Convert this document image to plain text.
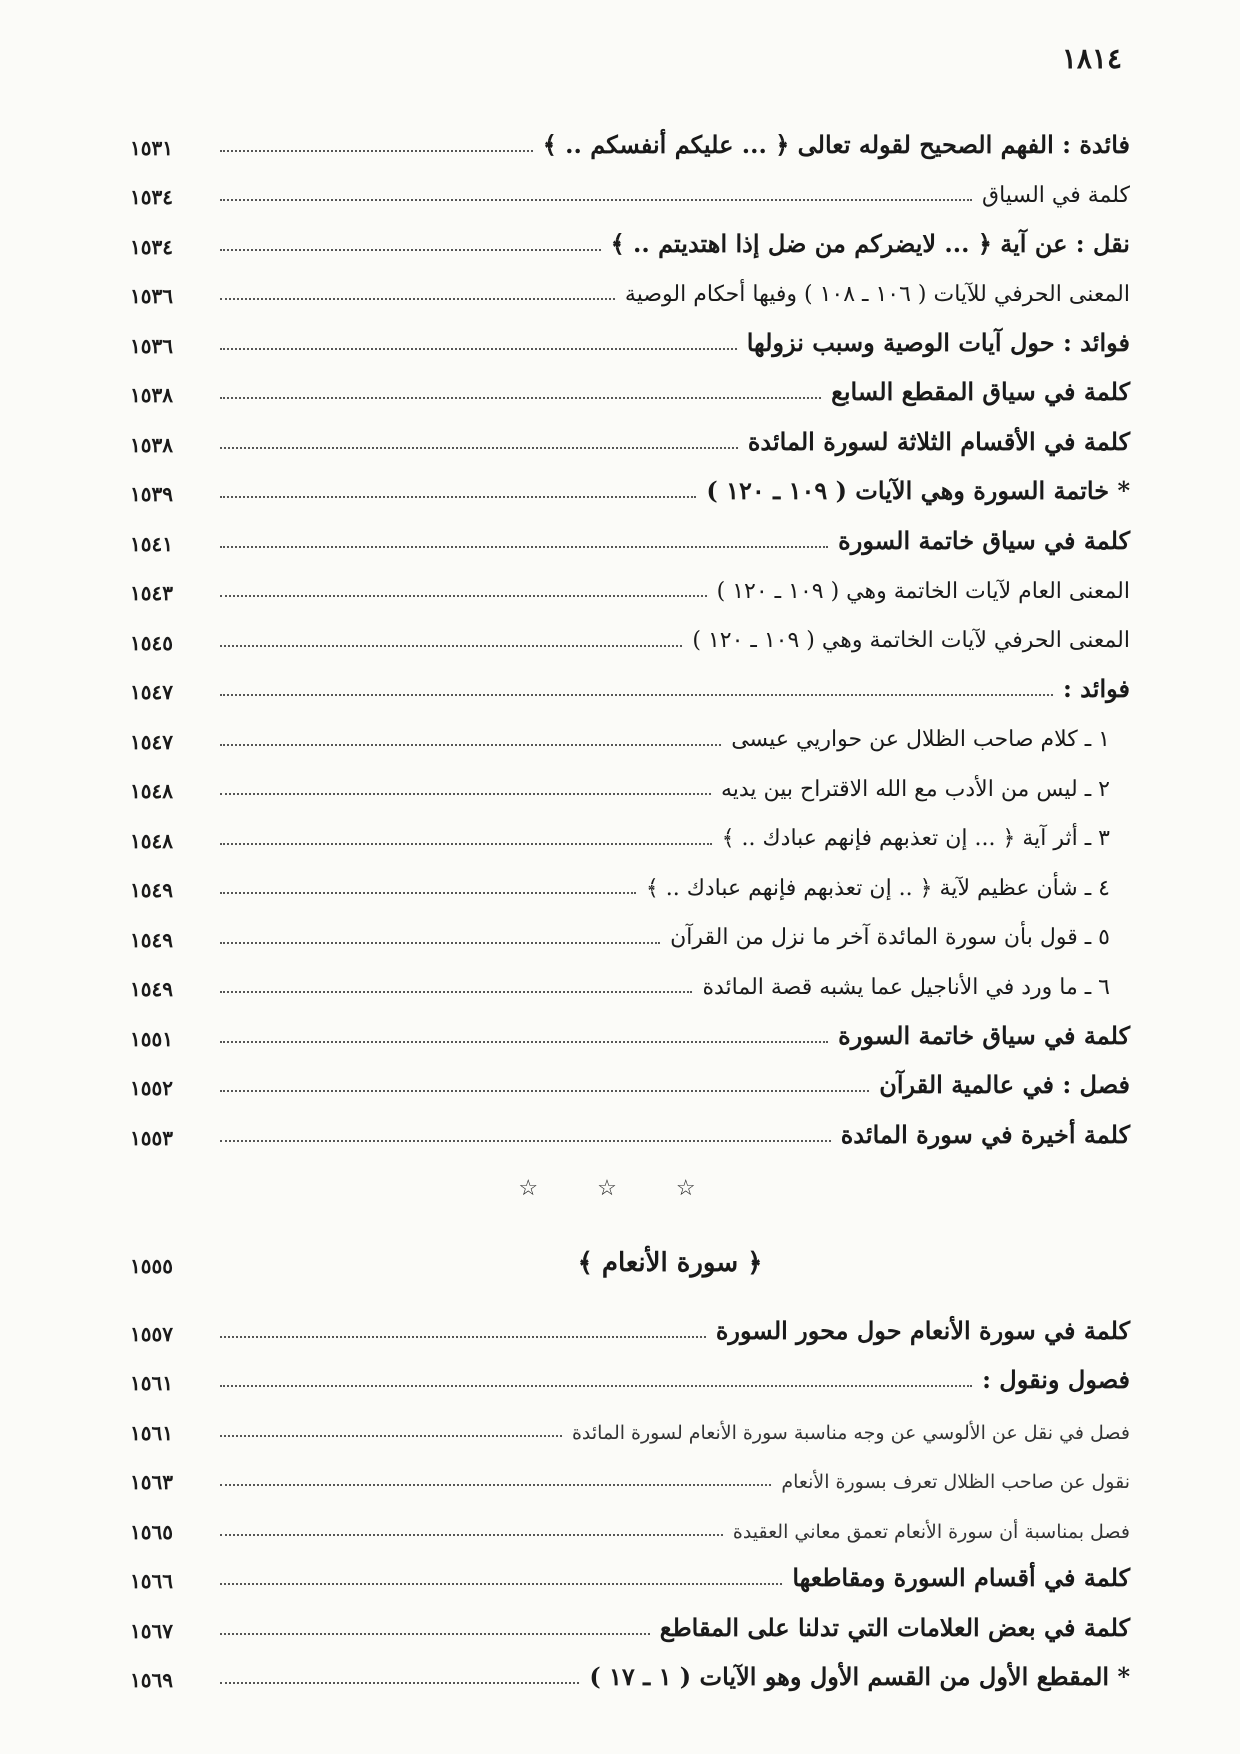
١٨١٤
فائدة : الفهم الصحيح لقوله تعالى ﴿ ... عليكم أنفسكم .. ﴾
١٥٣١
كلمة في السياق
١٥٣٤
نقل : عن آية ﴿ ... لايضركم من ضل إذا اهتديتم .. ﴾
١٥٣٤
المعنى الحرفي للآيات ( ١٠٦ ـ ١٠٨ ) وفيها أحكام الوصية
١٥٣٦
فوائد : حول آيات الوصية وسبب نزولها
١٥٣٦
كلمة في سياق المقطع السابع
١٥٣٨
كلمة في الأقسام الثلاثة لسورة المائدة
١٥٣٨
* خاتمة السورة وهي الآيات ( ١٠٩ ـ ١٢٠ )
١٥٣٩
كلمة في سياق خاتمة السورة
١٥٤١
المعنى العام لآيات الخاتمة وهي ( ١٠٩ ـ ١٢٠ )
١٥٤٣
المعنى الحرفي لآيات الخاتمة وهي ( ١٠٩ ـ ١٢٠ )
١٥٤٥
فوائد :
١٥٤٧
١ ـ كلام صاحب الظلال عن حواريي عيسى
١٥٤٧
٢ ـ ليس من الأدب مع الله الاقتراح بين يديه
١٥٤٨
٣ ـ أثر آية ﴿ ... إن تعذبهم فإنهم عبادك .. ﴾
١٥٤٨
٤ ـ شأن عظيم لآية ﴿ .. إن تعذبهم فإنهم عبادك .. ﴾
١٥٤٩
٥ ـ قول بأن سورة المائدة آخر ما نزل من القرآن
١٥٤٩
٦ ـ ما ورد في الأناجيل عما يشبه قصة المائدة
١٥٤٩
كلمة في سياق خاتمة السورة
١٥٥١
فصل : في عالمية القرآن
١٥٥٢
كلمة أخيرة في سورة المائدة
١٥٥٣
☆ ☆ ☆
﴿ سورة الأنعام ﴾
١٥٥٥
كلمة في سورة الأنعام حول محور السورة
١٥٥٧
فصول ونقول :
١٥٦١
فصل في نقل عن الألوسي عن وجه مناسبة سورة الأنعام لسورة المائدة
١٥٦١
نقول عن صاحب الظلال تعرف بسورة الأنعام
١٥٦٣
فصل بمناسبة أن سورة الأنعام تعمق معاني العقيدة
١٥٦٥
كلمة في أقسام السورة ومقاطعها
١٥٦٦
كلمة في بعض العلامات التي تدلنا على المقاطع
١٥٦٧
* المقطع الأول من القسم الأول وهو الآيات ( ١ ـ ١٧ )
١٥٦٩
